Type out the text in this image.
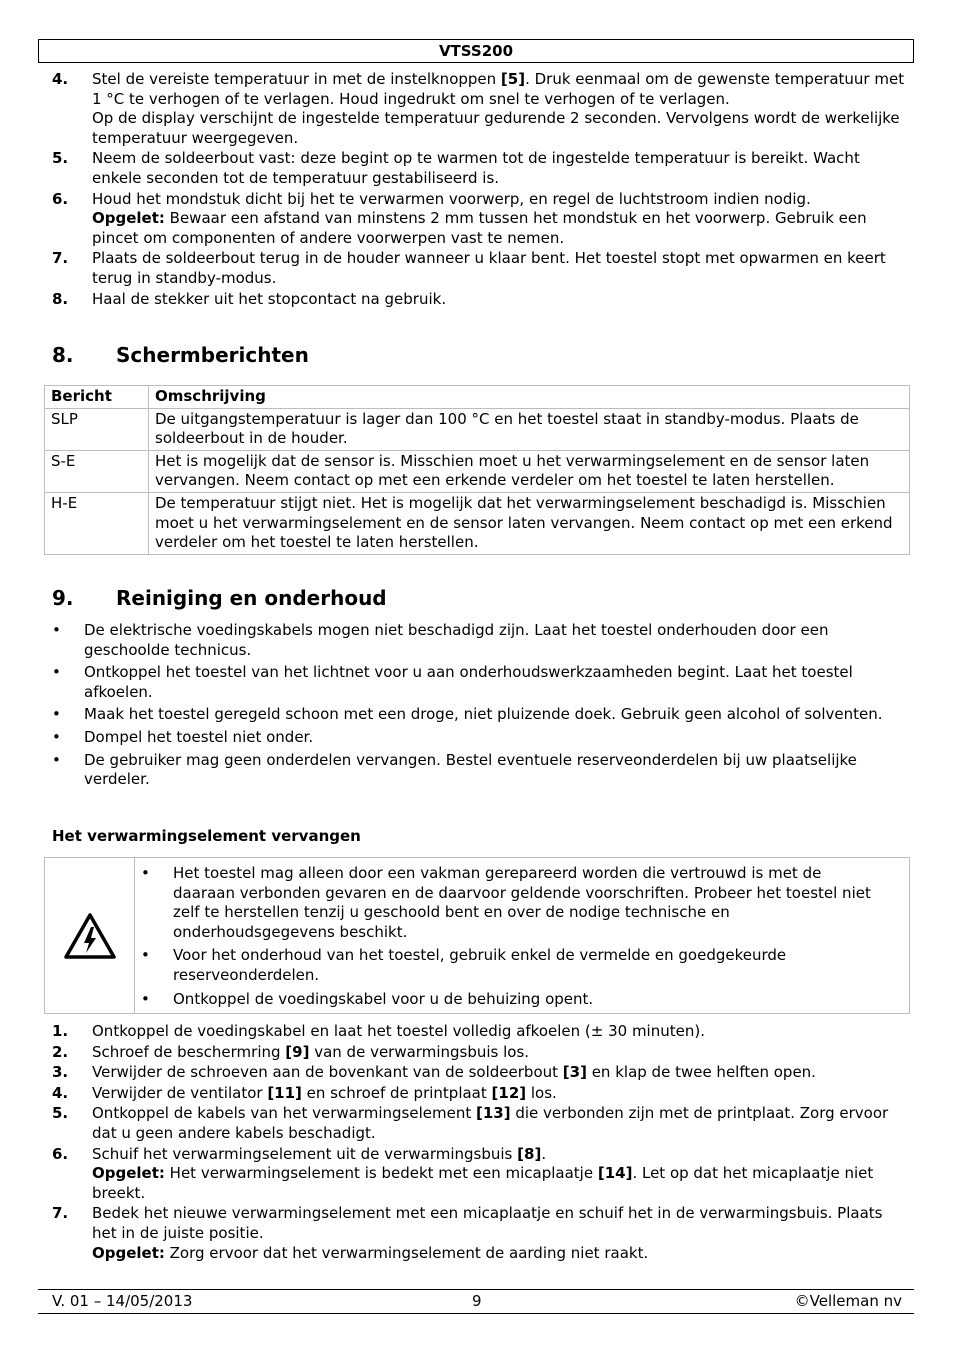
VTSS200
4. Stel de vereiste temperatuur in met de instelknoppen [5]. Druk eenmaal om de gewenste temperatuur met 1 °C te verhogen of te verlagen. Houd ingedrukt om snel te verhogen of te verlagen.
Op de display verschijnt de ingestelde temperatuur gedurende 2 seconden. Vervolgens wordt de werkelijke temperatuur weergegeven.
5. Neem de soldeerbout vast: deze begint op te warmen tot de ingestelde temperatuur is bereikt. Wacht enkele seconden tot de temperatuur gestabiliseerd is.
6. Houd het mondstuk dicht bij het te verwarmen voorwerp, en regel de luchtstroom indien nodig.
Opgelet: Bewaar een afstand van minstens 2 mm tussen het mondstuk en het voorwerp. Gebruik een pincet om componenten of andere voorwerpen vast te nemen.
7. Plaats de soldeerbout terug in de houder wanneer u klaar bent. Het toestel stopt met opwarmen en keert terug in standby-modus.
8. Haal de stekker uit het stopcontact na gebruik.
8. Schermberichten
Bericht	Omschrijving
SLP	De uitgangstemperatuur is lager dan 100 °C en het toestel staat in standby-modus. Plaats de soldeerbout in de houder.
S-E	Het is mogelijk dat de sensor is. Misschien moet u het verwarmingselement en de sensor laten vervangen. Neem contact op met een erkende verdeler om het toestel te laten herstellen.
H-E	De temperatuur stijgt niet. Het is mogelijk dat het verwarmingselement beschadigd is. Misschien moet u het verwarmingselement en de sensor laten vervangen. Neem contact op met een erkend verdeler om het toestel te laten herstellen.
9. Reiniging en onderhoud
• De elektrische voedingskabels mogen niet beschadigd zijn. Laat het toestel onderhouden door een geschoolde technicus.
• Ontkoppel het toestel van het lichtnet voor u aan onderhoudswerkzaamheden begint. Laat het toestel afkoelen.
• Maak het toestel geregeld schoon met een droge, niet pluizende doek. Gebruik geen alcohol of solventen.
• Dompel het toestel niet onder.
• De gebruiker mag geen onderdelen vervangen. Bestel eventuele reserveonderdelen bij uw plaatselijke verdeler.
Het verwarmingselement vervangen
• Het toestel mag alleen door een vakman gerepareerd worden die vertrouwd is met de daaraan verbonden gevaren en de daarvoor geldende voorschriften. Probeer het toestel niet zelf te herstellen tenzij u geschoold bent en over de nodige technische en onderhoudsgegevens beschikt.
• Voor het onderhoud van het toestel, gebruik enkel de vermelde en goedgekeurde reserveonderdelen.
• Ontkoppel de voedingskabel voor u de behuizing opent.
1. Ontkoppel de voedingskabel en laat het toestel volledig afkoelen (± 30 minuten).
2. Schroef de beschermring [9] van de verwarmingsbuis los.
3. Verwijder de schroeven aan de bovenkant van de soldeerbout [3] en klap de twee helften open.
4. Verwijder de ventilator [11] en schroef de printplaat [12] los.
5. Ontkoppel de kabels van het verwarmingselement [13] die verbonden zijn met de printplaat. Zorg ervoor dat u geen andere kabels beschadigt.
6. Schuif het verwarmingselement uit de verwarmingsbuis [8].
Opgelet: Het verwarmingselement is bedekt met een micaplaatje [14]. Let op dat het micaplaatje niet breekt.
7. Bedek het nieuwe verwarmingselement met een micaplaatje en schuif het in de verwarmingsbuis. Plaats het in de juiste positie.
Opgelet: Zorg ervoor dat het verwarmingselement de aarding niet raakt.
V. 01 – 14/05/2013	9	©Velleman nv
